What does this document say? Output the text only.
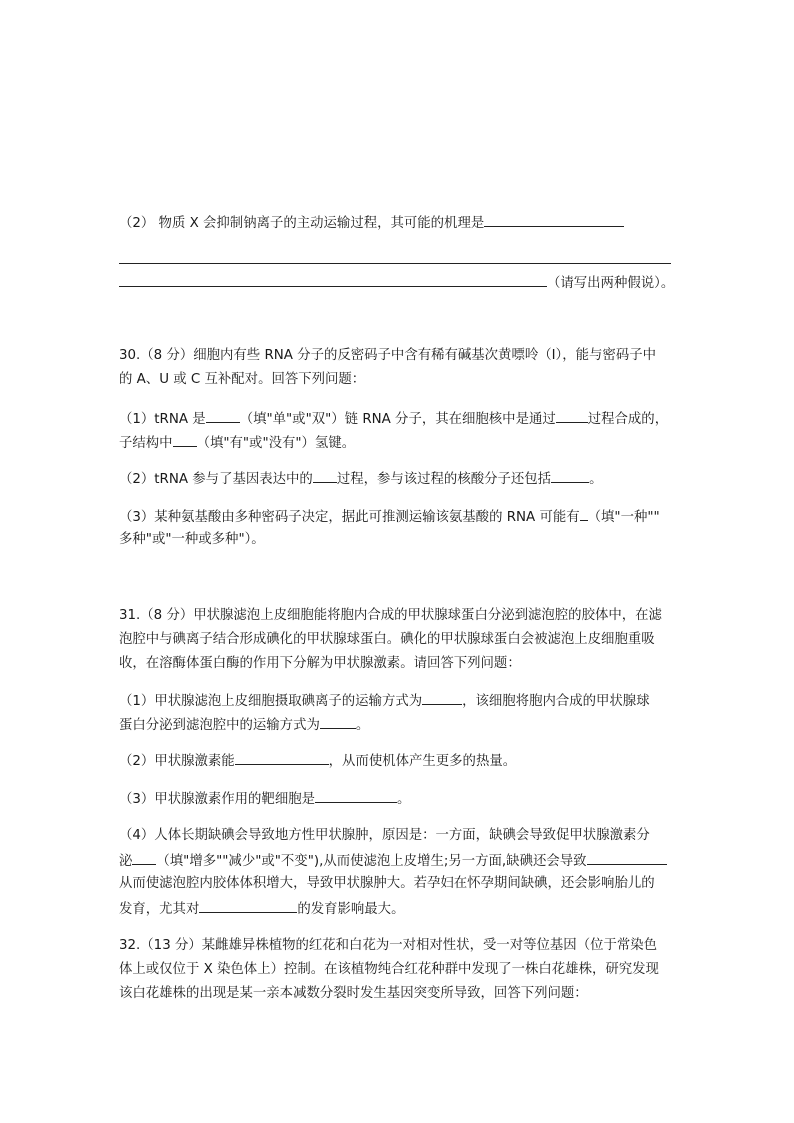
（2） 物质 X 会抑制钠离子的主动运输过程，其可能的机理是
（请写出两种假说）。
30.（8 分）细胞内有些 RNA 分子的反密码子中含有稀有碱基次黄嘌呤（I），能与密码子中
的 A、U 或 C 互补配对。回答下列问题：
（1）tRNA 是	（填"单"或"双"）链 RNA 分子，其在细胞核中是通过 过程合成的，
子结构中 （填"有"或"没有"）氢键。
（2）tRNA 参与了基因表达中的 过程，参与该过程的核酸分子还包括	。
（3）某种氨基酸由多种密码子决定，据此可推测运输该氨基酸的 RNA 可能有 （填"一种""
多种"或"一种或多种"）。
31.（8 分）甲状腺滤泡上皮细胞能将胞内合成的甲状腺球蛋白分泌到滤泡腔的胶体中，在滤
泡腔中与碘离子结合形成碘化的甲状腺球蛋白。碘化的甲状腺球蛋白会被滤泡上皮细胞重吸
收，在溶酶体蛋白酶的作用下分解为甲状腺激素。请回答下列问题：
（1）甲状腺滤泡上皮细胞摄取碘离子的运输方式为	，该细胞将胞内合成的甲状腺球
蛋白分泌到滤泡腔中的运输方式为	。
（2）甲状腺激素能	，从而使机体产生更多的热量。
（3）甲状腺激素作用的靶细胞是	。
（4）人体长期缺碘会导致地方性甲状腺肿，原因是：一方面，缺碘会导致促甲状腺激素分
泌 （填"增多""减少"或"不变"),从而使滤泡上皮增生;另一方面,缺碘还会导致
从而使滤泡腔内胶体体积增大，导致甲状腺肿大。若孕妇在怀孕期间缺碘，还会影响胎儿的
发育，尤其对	的发育影响最大。
32.（13 分）某雌雄异株植物的红花和白花为一对相对性状，受一对等位基因（位于常染色
体上或仅位于 X 染色体上）控制。在该植物纯合红花种群中发现了一株白花雄株，研究发现
该白花雄株的出现是某一亲本减数分裂时发生基因突变所导致，回答下列问题：
